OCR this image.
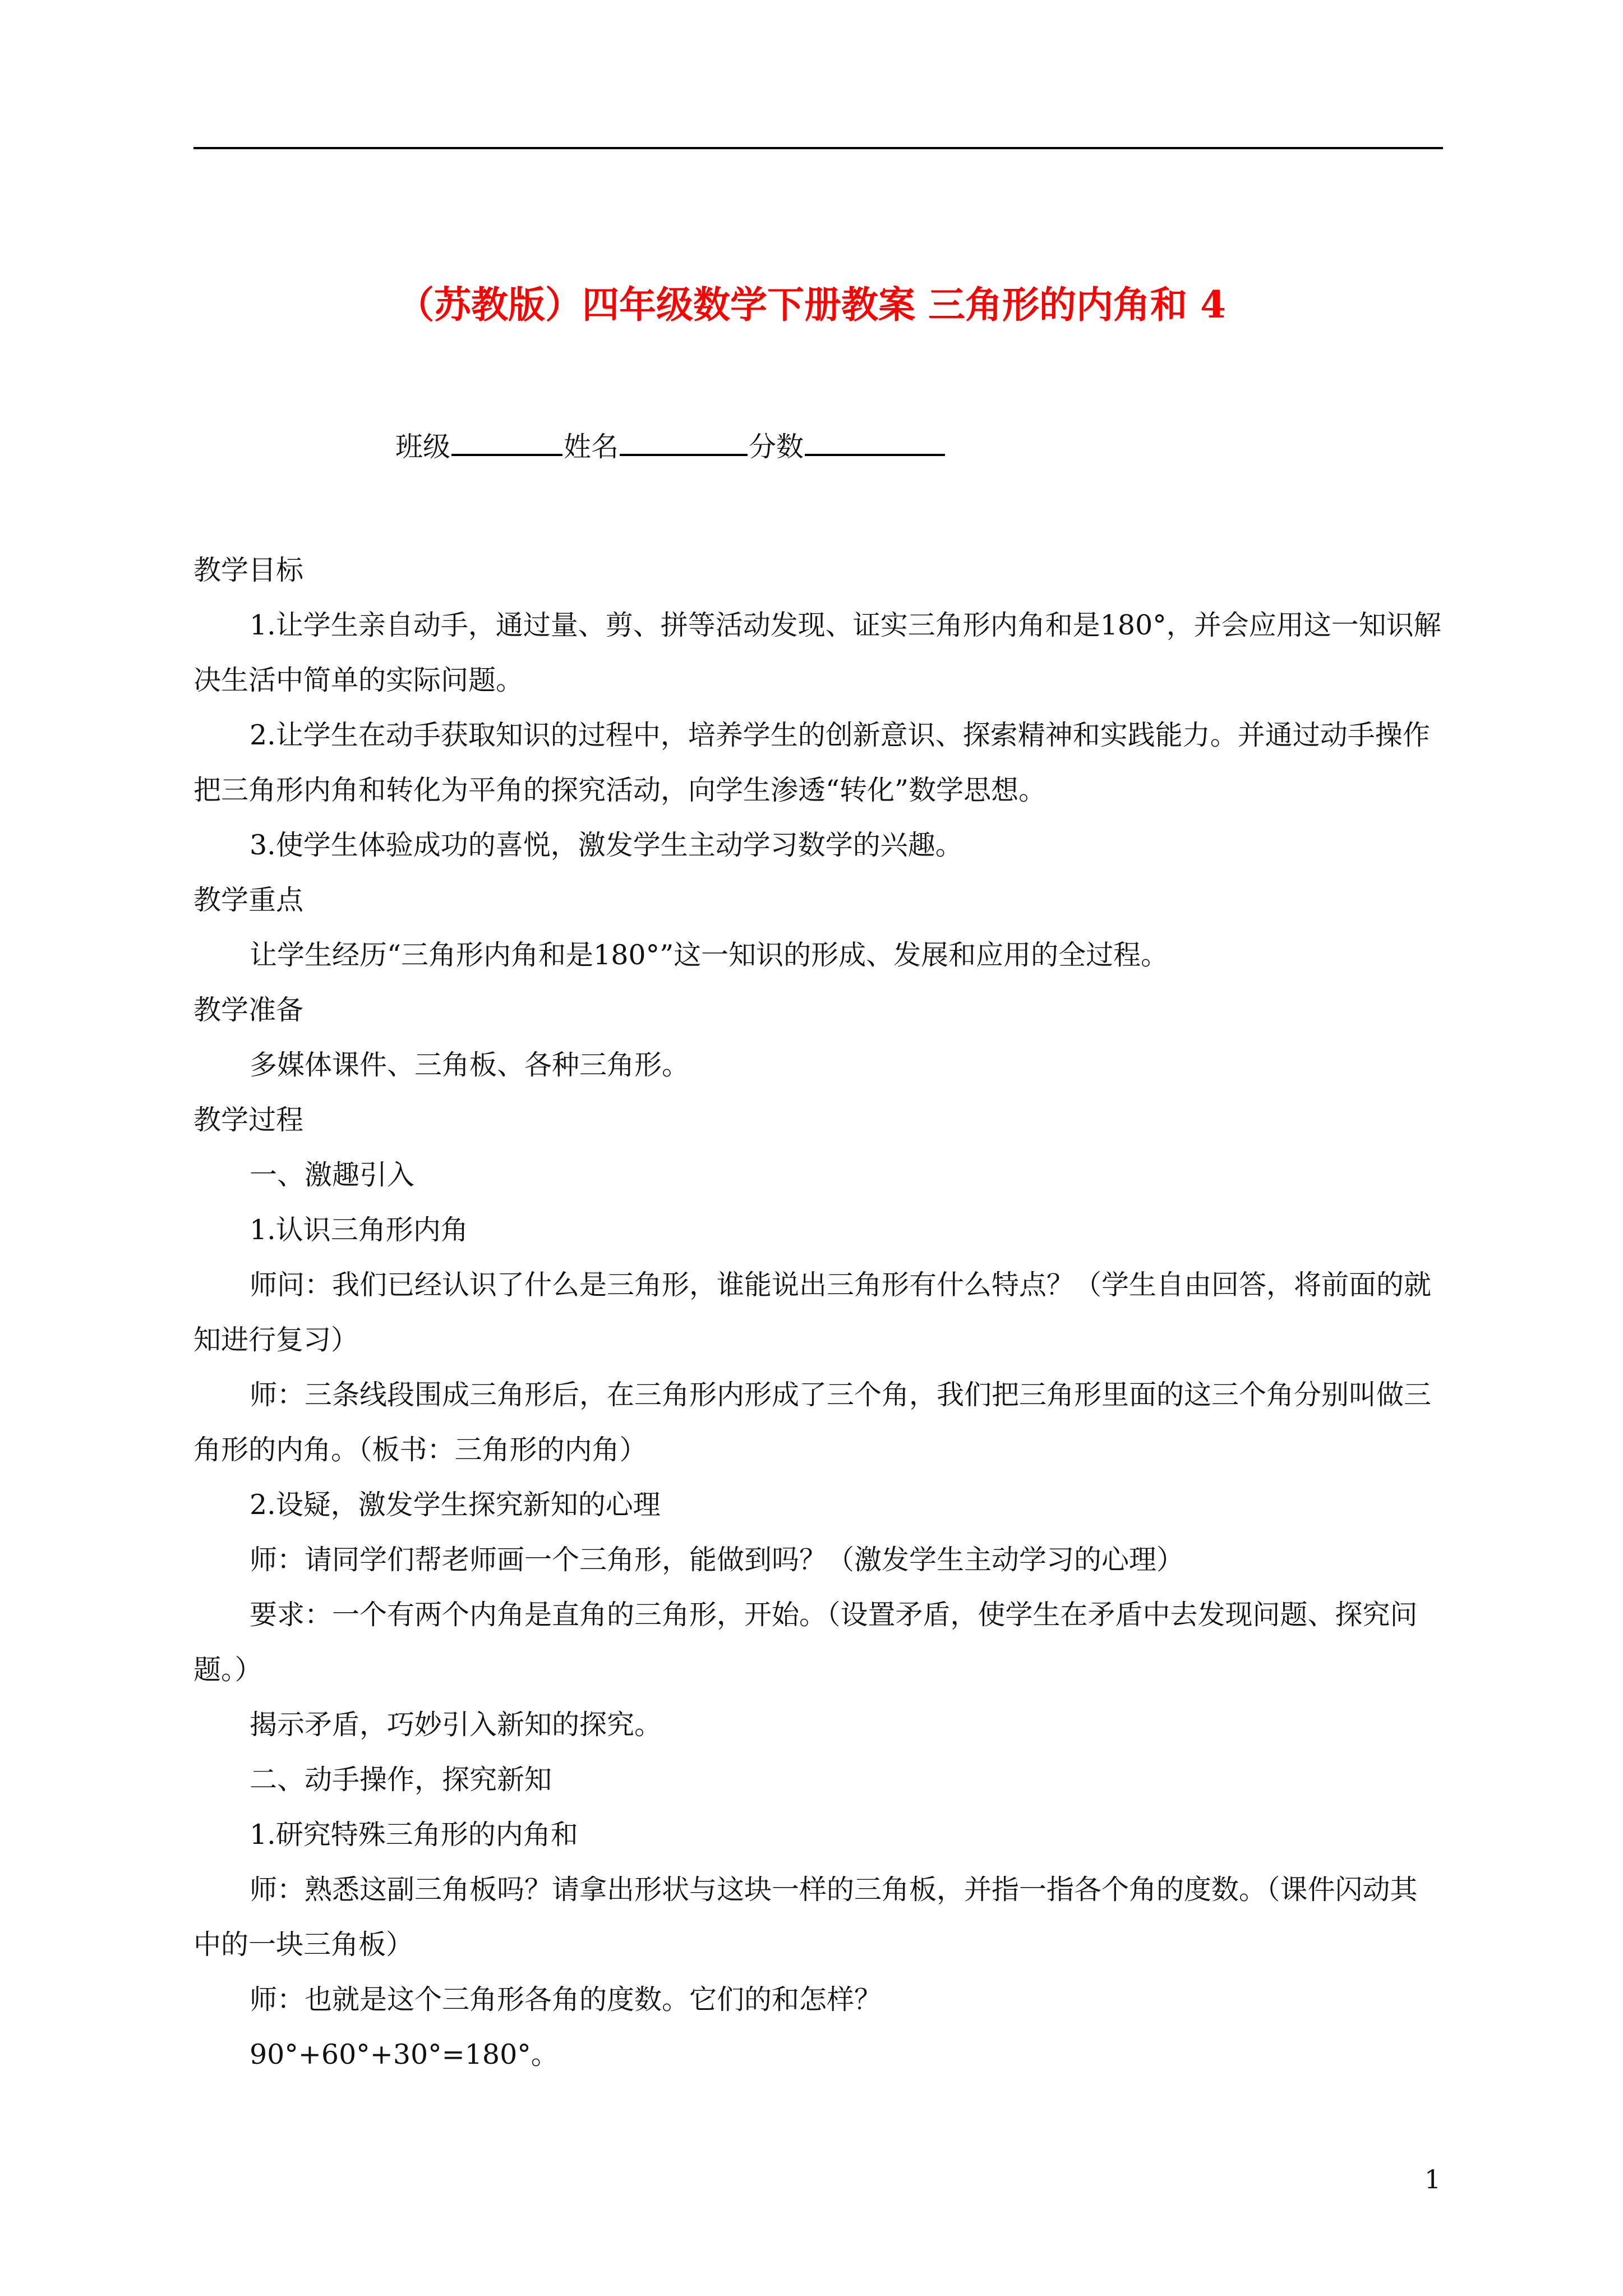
（苏教版）四年级数学下册教案 三角形的内角和 4
班级	姓名	分数

教学目标

1.让学生亲自动手，通过量、剪、拼等活动发现、证实三角形内角和是180°，并会应用这一知识解决生活中简单的实际问题。

2.让学生在动手获取知识的过程中，培养学生的创新意识、探索精神和实践能力。并通过动手操作把三角形内角和转化为平角的探究活动，向学生渗透“转化”数学思想。

3.使学生体验成功的喜悦，激发学生主动学习数学的兴趣。

教学重点

让学生经历“三角形内角和是180°”这一知识的形成、发展和应用的全过程。

教学准备

多媒体课件、三角板、各种三角形。

教学过程

一、激趣引入

1.认识三角形内角

师问：我们已经认识了什么是三角形，谁能说出三角形有什么特点？（学生自由回答，将前面的就知进行复习）

师：三条线段围成三角形后，在三角形内形成了三个角，我们把三角形里面的这三个角分别叫做三角形的内角。（板书：三角形的内角）

2.设疑，激发学生探究新知的心理

师：请同学们帮老师画一个三角形，能做到吗？（激发学生主动学习的心理）

要求：一个有两个内角是直角的三角形，开始。（设置矛盾，使学生在矛盾中去发现问题、探究问题。）

揭示矛盾，巧妙引入新知的探究。

二、动手操作，探究新知

1.研究特殊三角形的内角和

师：熟悉这副三角板吗？请拿出形状与这块一样的三角板，并指一指各个角的度数。（课件闪动其中的一块三角板）

师：也就是这个三角形各角的度数。它们的和怎样？

90°+60°+30°=180°。

1
